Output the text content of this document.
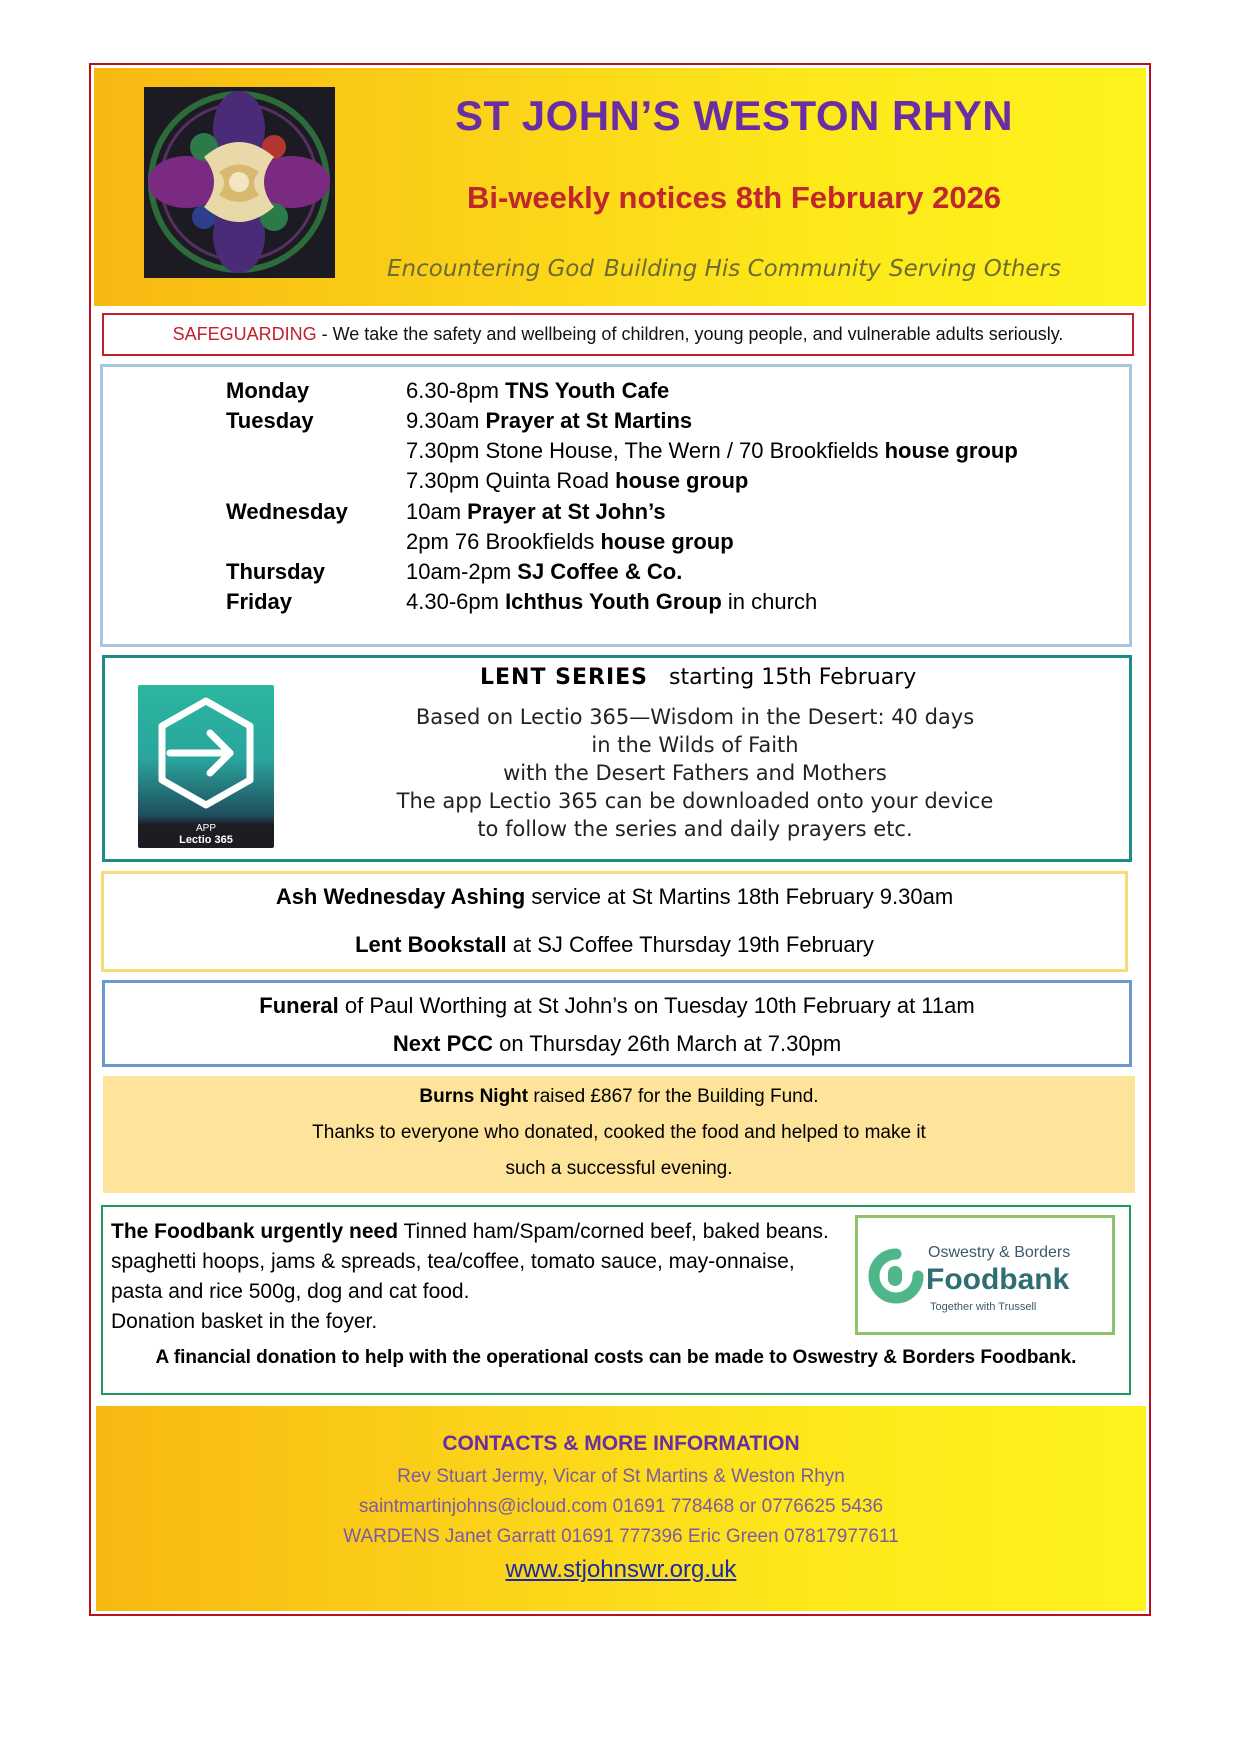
ST JOHN’S WESTON RHYN
Bi-weekly notices 8th February 2026
Encountering God Building His Community Serving Others
SAFEGUARDING - We take the safety and wellbeing of children, young people, and vulnerable adults seriously.
Monday	6.30-8pm TNS Youth Cafe
Tuesday	9.30am Prayer at St Martins
7.30pm Stone House, The Wern / 70 Brookfields house group
7.30pm Quinta Road house group
Wednesday	10am Prayer at St John’s
2pm 76 Brookfields house group
Thursday	10am-2pm SJ Coffee & Co.
Friday	4.30-6pm Ichthus Youth Group in church
APP
Lectio 365
LENT SERIES starting 15th February
Based on Lectio 365—Wisdom in the Desert: 40 days
in the Wilds of Faith
with the Desert Fathers and Mothers
The app Lectio 365 can be downloaded onto your device
to follow the series and daily prayers etc.
Ash Wednesday Ashing service at St Martins 18th February 9.30am
Lent Bookstall at SJ Coffee Thursday 19th February
Funeral of Paul Worthing at St John’s on Tuesday 10th February at 11am
Next PCC on Thursday 26th March at 7.30pm
Burns Night raised £867 for the Building Fund.
Thanks to everyone who donated, cooked the food and helped to make it
such a successful evening.
The Foodbank urgently need Tinned ham/Spam/corned beef, baked beans. spaghetti hoops, jams & spreads, tea/coffee, tomato sauce, may-onnaise, pasta and rice 500g, dog and cat food.
Donation basket in the foyer.
Oswestry & Borders
Foodbank
Together with Trussell
A financial donation to help with the operational costs can be made to Oswestry & Borders Foodbank.
CONTACTS & MORE INFORMATION
Rev Stuart Jermy, Vicar of St Martins & Weston Rhyn
saintmartinjohns@icloud.com 01691 778468 or 0776625 5436
WARDENS Janet Garratt 01691 777396 Eric Green 07817977611
www.stjohnswr.org.uk
